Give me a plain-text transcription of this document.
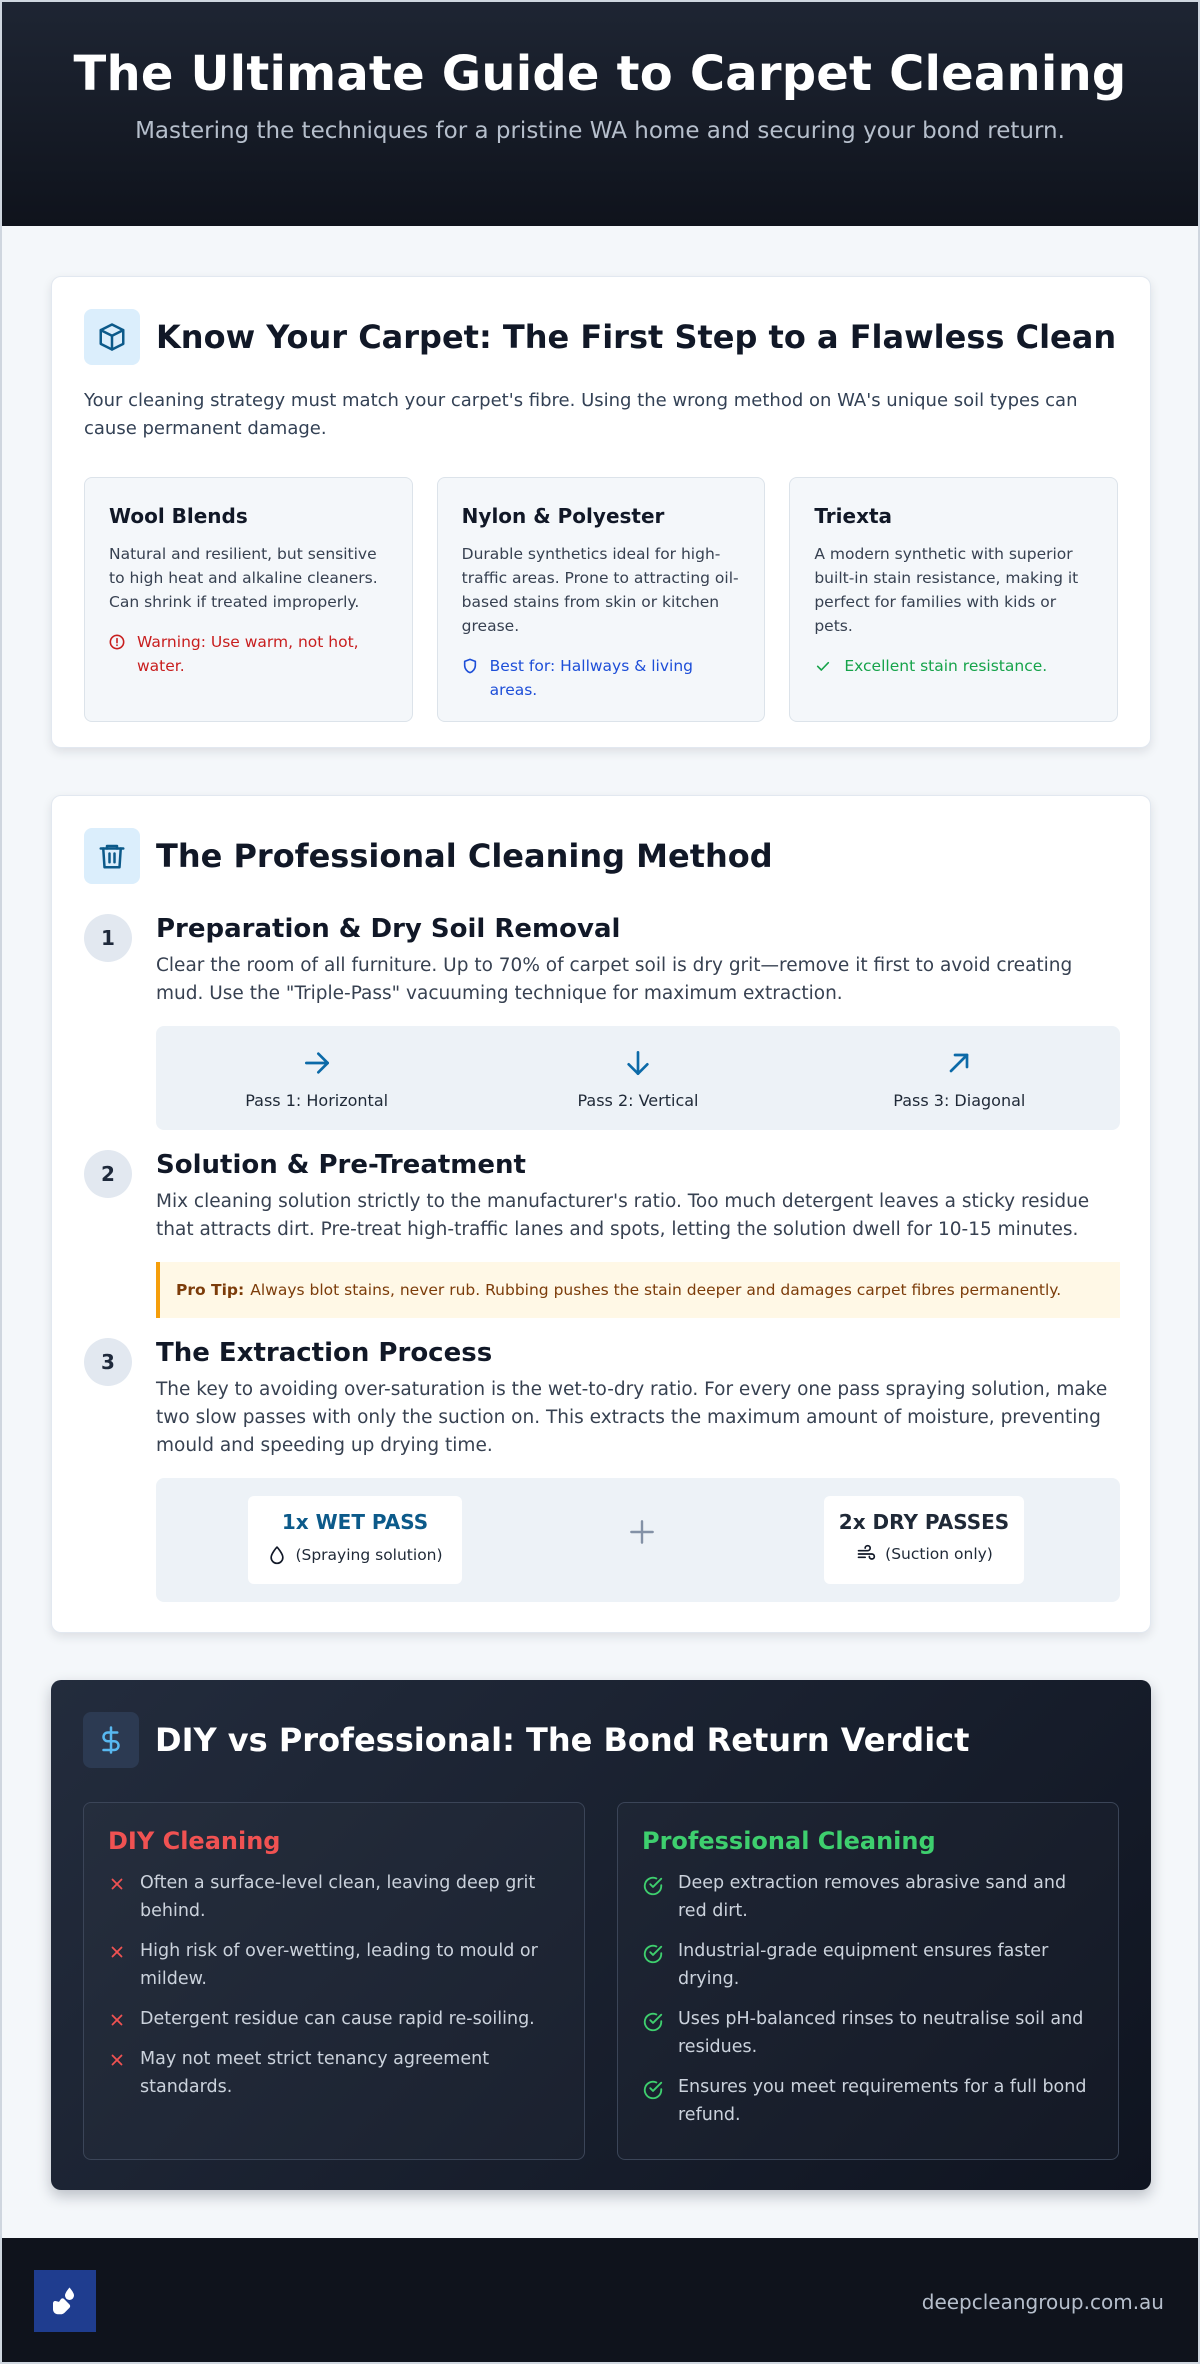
The Ultimate Guide to Carpet Cleaning

Mastering the techniques for a pristine WA home and securing your bond return.

Know Your Carpet: The First Step to a Flawless Clean

Your cleaning strategy must match your carpet's fibre. Using the wrong method on WA's unique soil types can cause permanent damage.

Wool Blends

Natural and resilient, but sensitive to high heat and alkaline cleaners. Can shrink if treated improperly.

Warning: Use warm, not hot, water.
Nylon & Polyester

Durable synthetics ideal for high-traffic areas. Prone to attracting oil-based stains from skin or kitchen grease.

Best for: Hallways & living areas.
Triexta

A modern synthetic with superior built-in stain resistance, making it perfect for families with kids or pets.

Excellent stain resistance.
The Professional Cleaning Method
1	Preparation & Dry Soil Removal

Clear the room of all furniture. Up to 70% of carpet soil is dry grit—remove it first to avoid creating mud. Use the "Triple-Pass" vacuuming technique for maximum extraction.

Pass 1: Horizontal	Pass 2: Vertical	Pass 3: Diagonal
2	Solution & Pre-Treatment

Mix cleaning solution strictly to the manufacturer's ratio. Too much detergent leaves a sticky residue that attracts dirt. Pre-treat high-traffic lanes and spots, letting the solution dwell for 10-15 minutes.

Pro Tip: Always blot stains, never rub. Rubbing pushes the stain deeper and damages carpet fibres permanently.
3	The Extraction Process

The key to avoiding over-saturation is the wet-to-dry ratio. For every one pass spraying solution, make two slow passes with only the suction on. This extracts the maximum amount of moisture, preventing mould and speeding up drying time.

1x WET PASS
(Spraying solution)
2x DRY PASSES
(Suction only)
DIY vs Professional: The Bond Return Verdict
DIY Cleaning
Often a surface-level clean, leaving deep grit behind.
High risk of over-wetting, leading to mould or mildew.
Detergent residue can cause rapid re-soiling.
May not meet strict tenancy agreement standards.
Professional Cleaning
Deep extraction removes abrasive sand and red dirt.
Industrial-grade equipment ensures faster drying.
Uses pH-balanced rinses to neutralise soil and residues.
Ensures you meet requirements for a full bond refund.
deepcleangroup.com.au
